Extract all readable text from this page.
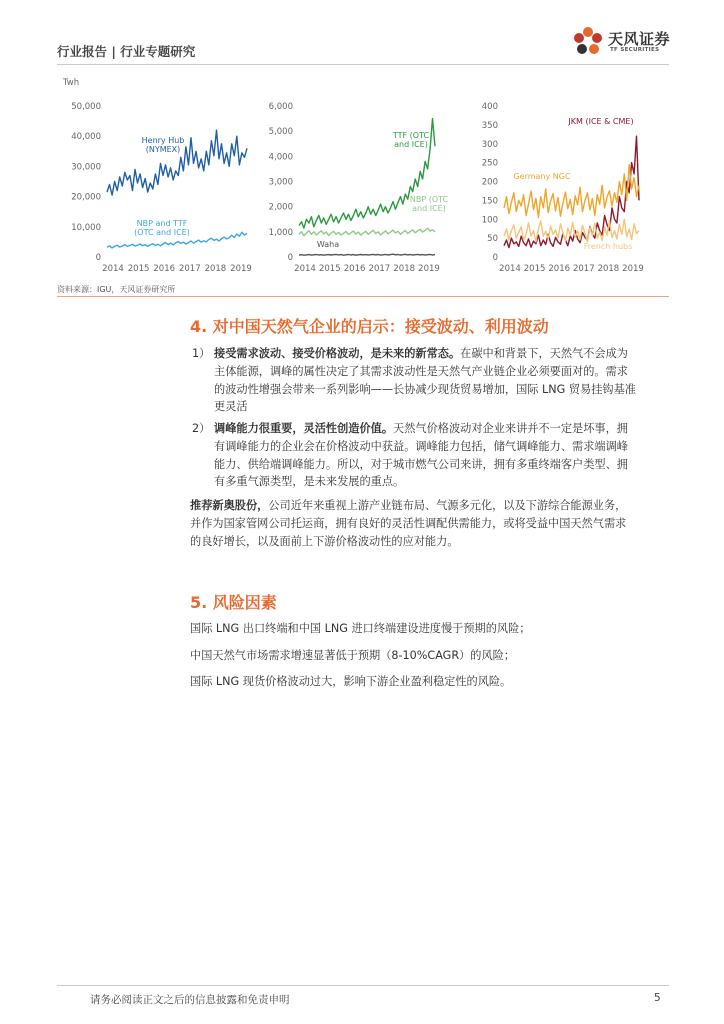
行业报告 | 行业专题研究
天风证券
TF SECURITIES
Twh
50,000
40,000
30,000
20,000
10,000
0
2014 2015 2016 2017 2018 2019
Henry Hub
(NYMEX)
NBP and TTF
(OTC and ICE)
6,000
5,000
4,000
3,000
2,000
1,000
0
2014 2015 2016 2017 2018 2019
TTF (OTC
and ICE)
NBP (OTC
and ICE)
Waha
400
350
300
250
200
150
100
50
0
2014 2015 2016 2017 2018 2019
JKM (ICE & CME)
Germany NGC
French hubs
资料来源：IGU，天风证券研究所
4. 对中国天然气企业的启示：接受波动、利用波动
1） 接受需求波动、接受价格波动，是未来的新常态。在碳中和背景下，天然气不会成为
主体能源，调峰的属性决定了其需求波动性是天然气产业链企业必须要面对的。需求
的波动性增强会带来一系列影响——长协减少现货贸易增加，国际 LNG 贸易挂钩基准
更灵活
2） 调峰能力很重要，灵活性创造价值。天然气价格波动对企业来讲并不一定是坏事，拥
有调峰能力的企业会在价格波动中获益。调峰能力包括，储气调峰能力、需求端调峰
能力、供给端调峰能力。所以，对于城市燃气公司来讲，拥有多重终端客户类型、拥
有多重气源类型，是未来发展的重点。
推荐新奥股份，公司近年来重视上游产业链布局、气源多元化，以及下游综合能源业务，
并作为国家管网公司托运商，拥有良好的灵活性调配供需能力，或将受益中国天然气需求
的良好增长，以及面前上下游价格波动性的应对能力。
5. 风险因素
国际 LNG 出口终端和中国 LNG 进口终端建设进度慢于预期的风险；
中国天然气市场需求增速显著低于预期（8-10%CAGR）的风险；
国际 LNG 现货价格波动过大，影响下游企业盈利稳定性的风险。
请务必阅读正文之后的信息披露和免责申明	5
